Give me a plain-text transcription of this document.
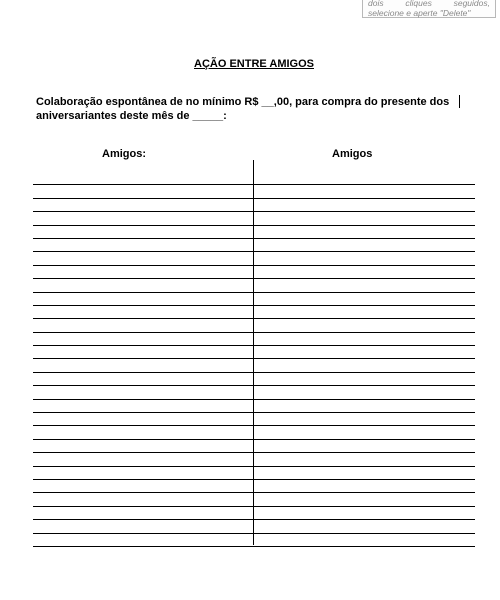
dois	cliques	seguidos,
selecione e aperte "Delete"
AÇÃO ENTRE AMIGOS
Colaboração espontânea de no mínimo R$ __,00, para compra do presente dos aniversariantes deste mês de _____:
Amigos:	Amigos
